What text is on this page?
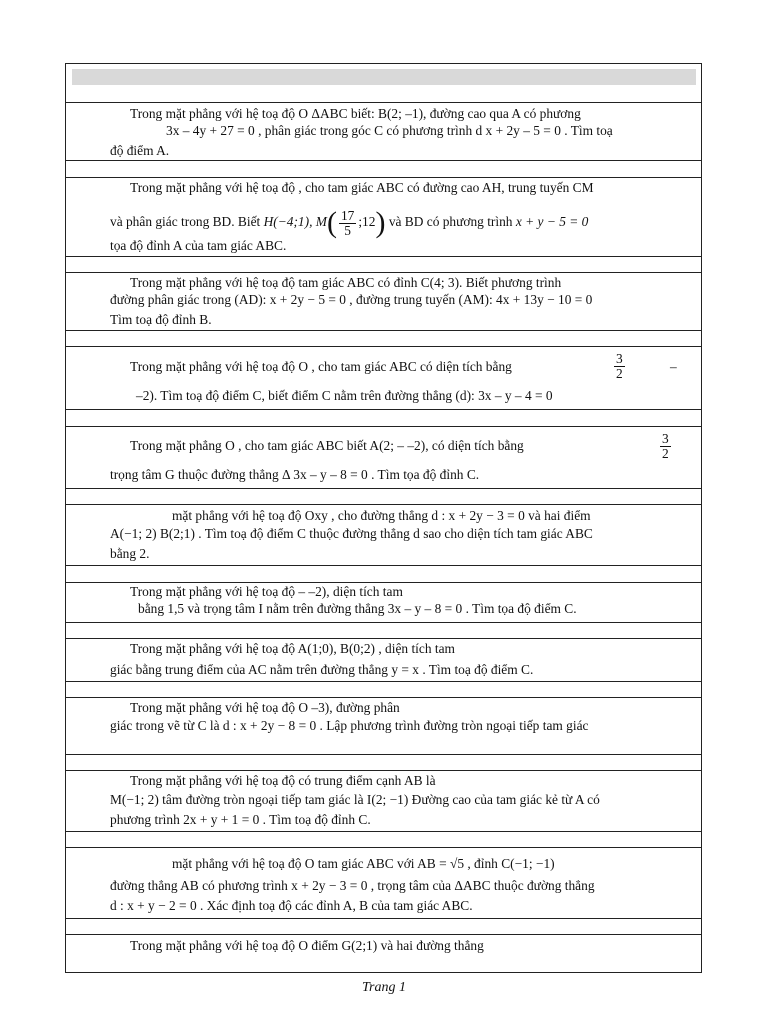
Trong mặt phẳng với hệ toạ độ O ΔABC biết: B(2; –1), đường cao qua A có phương
3x – 4y + 27 = 0 , phân giác trong góc C có phương trình d x + 2y – 5 = 0 . Tìm toạ
độ điểm A.
Trong mặt phẳng với hệ toạ độ , cho tam giác ABC có đường cao AH, trung tuyến CM
và phân giác trong BD. Biết H(−4;1), $M( \frac{17}{5}$ ;12) và BD có phương trình x + y − 5 = 0
tọa độ đỉnh A của tam giác ABC.
Trong mặt phẳng với hệ toạ độ tam giác ABC có đỉnh C(4; 3). Biết phương trình
đường phân giác trong (AD): x + 2y − 5 = 0 , đường trung tuyến (AM): 4x + 13y − 10 = 0
Tìm toạ độ đỉnh B.
Trong mặt phẳng với hệ toạ độ O , cho tam giác ABC có diện tích bằng	$\frac{3}{2}$	–
–2). Tìm toạ độ điểm C, biết điểm C nằm trên đường thẳng (d): 3x – y – 4 = 0
Trong mặt phẳng O , cho tam giác ABC biết A(2; – –2), có diện tích bằng	$\frac{3}{2}$
trọng tâm G thuộc đường thẳng Δ 3x – y – 8 = 0 . Tìm tọa độ đỉnh C.
mặt phẳng với hệ toạ độ Oxy , cho đường thẳng d : x + 2y − 3 = 0 và hai điểm
A(−1; 2) B(2;1) . Tìm toạ độ điểm C thuộc đường thẳng d sao cho diện tích tam giác ABC
bằng 2.
Trong mặt phẳng với hệ toạ độ – –2), diện tích tam
bằng 1,5 và trọng tâm I nằm trên đường thẳng 3x – y – 8 = 0 . Tìm tọa độ điểm C.
Trong mặt phẳng với hệ toạ độ A(1;0), B(0;2) , diện tích tam
giác bằng trung điểm của AC nằm trên đường thẳng y = x . Tìm toạ độ điểm C.
Trong mặt phẳng với hệ toạ độ O –3), đường phân
giác trong vẽ từ C là d : x + 2y − 8 = 0 . Lập phương trình đường tròn ngoại tiếp tam giác
Trong mặt phẳng với hệ toạ độ có trung điểm cạnh AB là
M(−1; 2) tâm đường tròn ngoại tiếp tam giác là I(2; −1) Đường cao của tam giác kẻ từ A có
phương trình 2x + y + 1 = 0 . Tìm toạ độ đỉnh C.
mặt phẳng với hệ toạ độ O tam giác ABC với AB = √5 , đỉnh C(−1; −1)
đường thẳng AB có phương trình x + 2y − 3 = 0 , trọng tâm của ΔABC thuộc đường thẳng
d : x + y − 2 = 0 . Xác định toạ độ các đỉnh A, B của tam giác ABC.
Trong mặt phẳng với hệ toạ độ O điểm G(2;1) và hai đường thẳng
Trang 1
